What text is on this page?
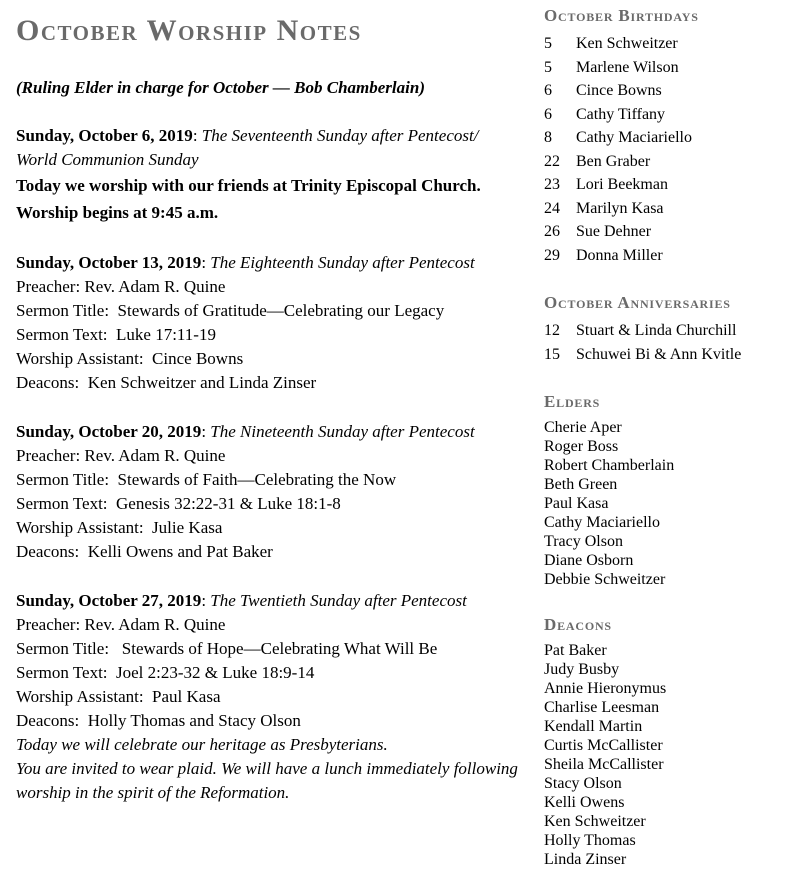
October Worship Notes

(Ruling Elder in charge for October — Bob Chamberlain)

Sunday, October 6, 2019: The Seventeenth Sunday after Pentecost/

World Communion Sunday

Today we worship with our friends at Trinity Episcopal Church.

Worship begins at 9:45 a.m.

Sunday, October 13, 2019: The Eighteenth Sunday after Pentecost

Preacher: Rev. Adam R. Quine

Sermon Title:  Stewards of Gratitude—Celebrating our Legacy

Sermon Text:  Luke 17:11-19

Worship Assistant:  Cince Bowns

Deacons:  Ken Schweitzer and Linda Zinser

Sunday, October 20, 2019: The Nineteenth Sunday after Pentecost

Preacher: Rev. Adam R. Quine

Sermon Title:  Stewards of Faith—Celebrating the Now

Sermon Text:  Genesis 32:22-31 & Luke 18:1-8

Worship Assistant:  Julie Kasa

Deacons:  Kelli Owens and Pat Baker

Sunday, October 27, 2019: The Twentieth Sunday after Pentecost

Preacher: Rev. Adam R. Quine

Sermon Title:   Stewards of Hope—Celebrating What Will Be

Sermon Text:  Joel 2:23-32 & Luke 18:9-14

Worship Assistant:  Paul Kasa

Deacons:  Holly Thomas and Stacy Olson

Today we will celebrate our heritage as Presbyterians.

You are invited to wear plaid. We will have a lunch immediately following worship in the spirit of the Reformation.

October Birthdays

5	Ken Schweitzer

5	Marlene Wilson

6	Cince Bowns

6	Cathy Tiffany

8	Cathy Maciariello

22	Ben Graber

23	Lori Beekman

24	Marilyn Kasa

26	Sue Dehner

29	Donna Miller

October Anniversaries

12	Stuart & Linda Churchill

15	Schuwei Bi & Ann Kvitle

Elders

Cherie Aper

Roger Boss

Robert Chamberlain

Beth Green

Paul Kasa

Cathy Maciariello

Tracy Olson

Diane Osborn

Debbie Schweitzer

Deacons

Pat Baker

Judy Busby

Annie Hieronymus

Charlise Leesman

Kendall Martin

Curtis McCallister

Sheila McCallister

Stacy Olson

Kelli Owens

Ken Schweitzer

Holly Thomas

Linda Zinser
